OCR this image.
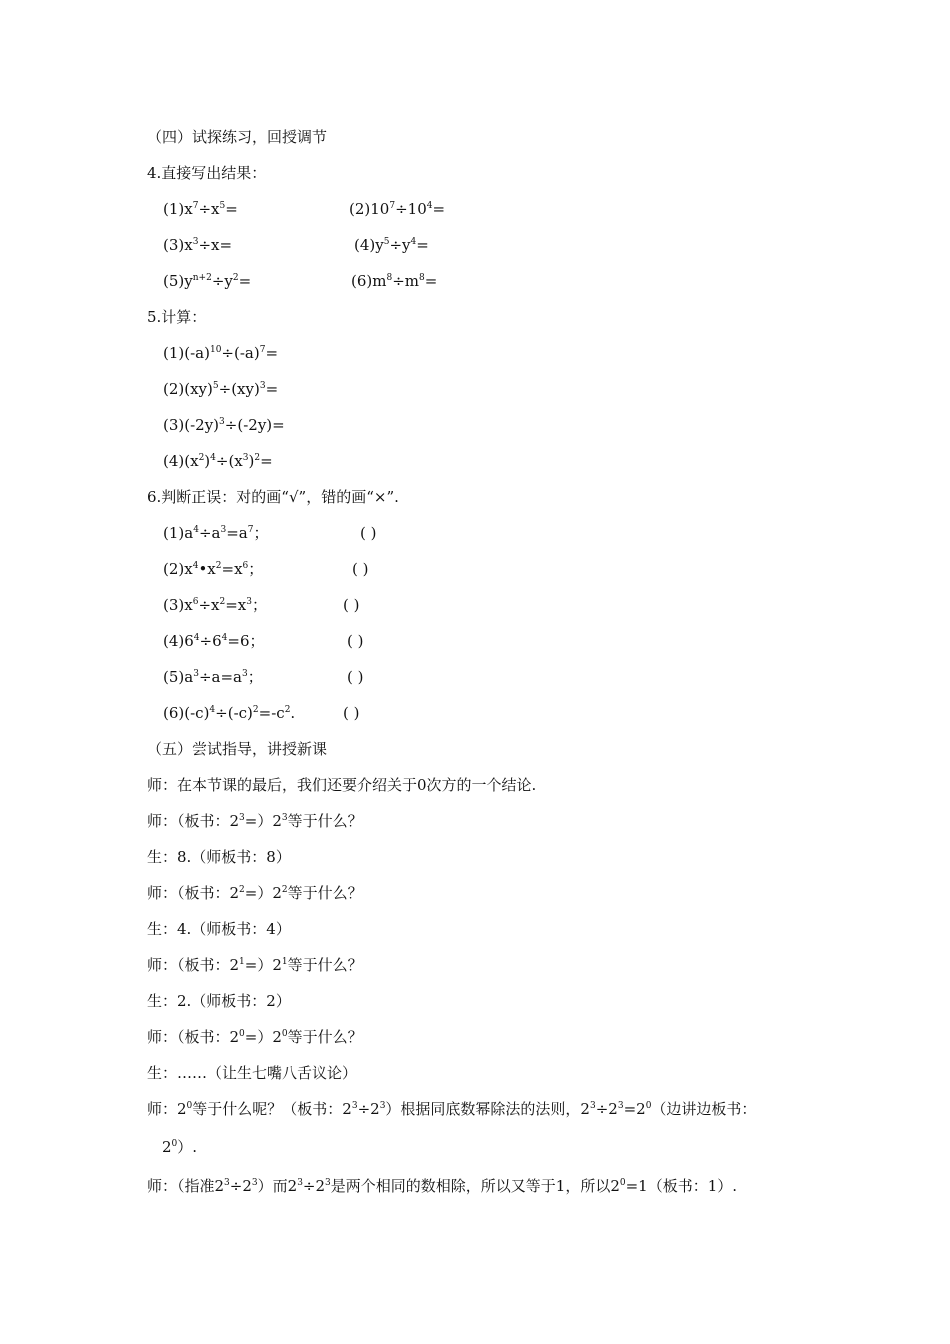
（四）试探练习，回授调节
4.直接写出结果：
$(1)x^7\div x^5=$	$(2)10^7\div 10^4=$
$(3)x^3\div x=$	$(4)y^5\div y^4=$
$(5)y^{n+2}\div y^2=$	$(6)m^8\div m^8=$
5.计算：
$(1)(-a)^{10}\div(-a)^7=$
(2)(xy)$^5$÷(xy)$^3$=
$(3)(-2y)^3\div(-2y)=$
$(4)(x^2)^4\div(x^3)^2=$
6.判断正误：对的画“√”，错的画“×”.
$(1)a^4\div a^3=a^7$；	( )
$(2)x^4•x^2=x^6$；	( )
$(3)x^6\div x^2=x^3$；	( )
$(4)6^4\div 6^4=6$；	( )
$(5)a^3\div a=a^3$；	( )
$(6)(-c)^4\div(-c)^2=-c^2$.	( )
（五）尝试指导，讲授新课
师：在本节课的最后，我们还要介绍关于0次方的一个结论.
师：（板书：$2^3=)2^3$等于什么？
生：8.（师板书：8）
师：（板书：$2^2=)2^2$等于什么？
生：4.（师板书：4）
师：（板书：$2^1=)2^1$等于什么？
生：2.（师板书：2）
师：（板书：$2^0=)2^0$等于什么？
生：……（让生七嘴八舌议论）
师：$2^0$等于什么呢？（板书：$2^3\div 2^3$）根据同底数幂除法的法则，$2^3\div 2^3=2^0$（边讲边板书：
$2^0$）.
师：（指准$2^3\div 2^3$）而$2^3\div 2^3$是两个相同的数相除，所以又等于1，所以$2^0=1$（板书：1）.
